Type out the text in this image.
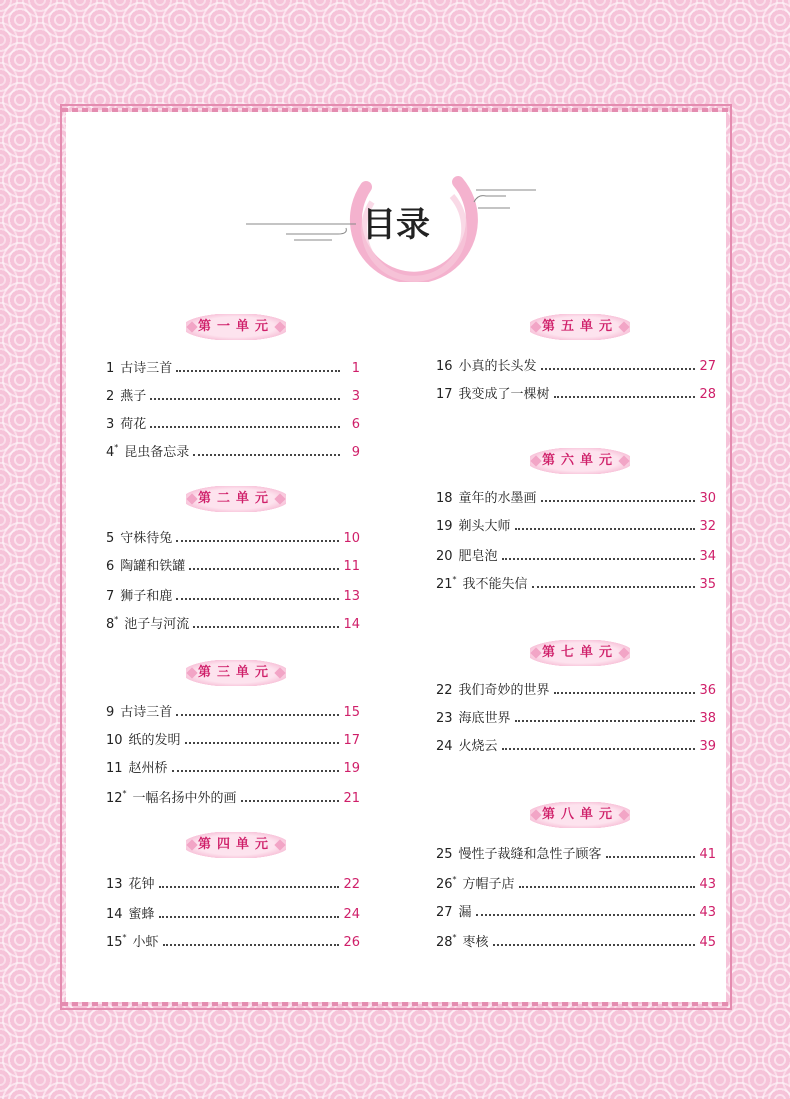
目录
第一单元
1 古诗三首	1
2 燕子	3
3 荷花	6
4* 昆虫备忘录	9
第二单元
5 守株待兔	10
6 陶罐和铁罐	11
7 狮子和鹿	13
8* 池子与河流	14
第三单元
9 古诗三首	15
10 纸的发明	17
11 赵州桥	19
12* 一幅名扬中外的画	21
第四单元
13 花钟	22
14 蜜蜂	24
15* 小虾	26
第五单元
16 小真的长头发	27
17 我变成了一棵树	28
第六单元
18 童年的水墨画	30
19 剃头大师	32
20 肥皂泡	34
21* 我不能失信	35
第七单元
22 我们奇妙的世界	36
23 海底世界	38
24 火烧云	39
第八单元
25 慢性子裁缝和急性子顾客	41
26* 方帽子店	43
27 漏	43
28* 枣核	45
